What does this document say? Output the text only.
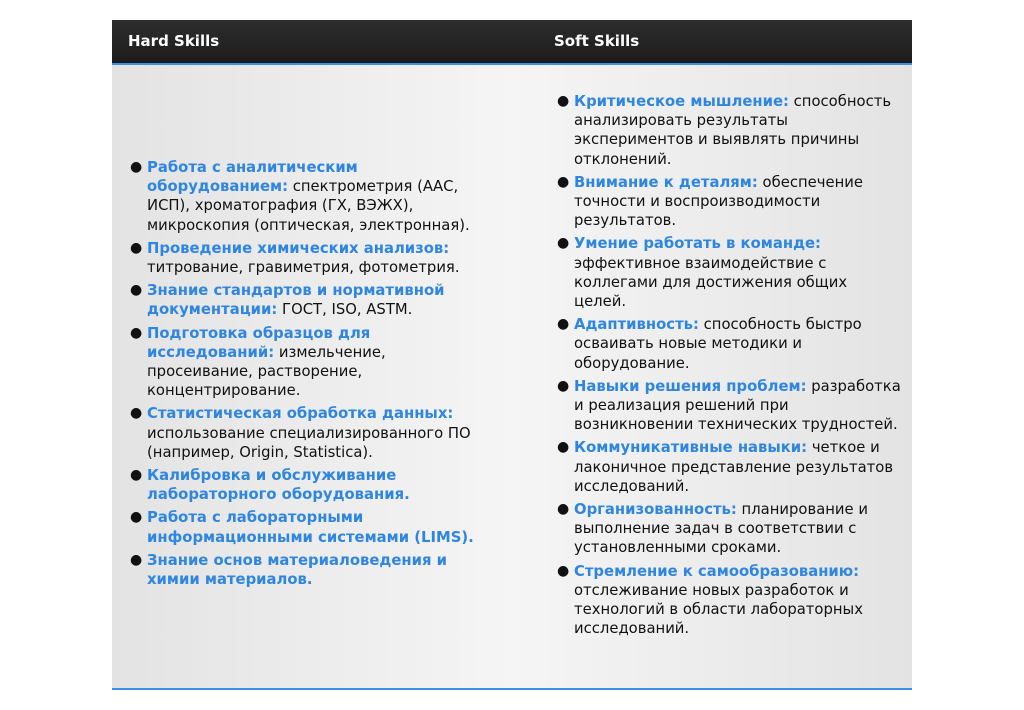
Hard Skills	Soft Skills
● Работа с аналитическим оборудованием: спектрометрия (ААС, ИСП), хроматография (ГХ, ВЭЖХ), микроскопия (оптическая, электронная).
● Проведение химических анализов: титрование, гравиметрия, фотометрия.
● Знание стандартов и нормативной документации: ГОСТ, ISO, ASTM.
● Подготовка образцов для исследований: измельчение, просеивание, растворение, концентрирование.
● Статистическая обработка данных: использование специализированного ПО (например, Origin, Statistica).
● Калибровка и обслуживание лабораторного оборудования.
● Работа с лабораторными информационными системами (LIMS).
● Знание основ материаловедения и химии материалов.
● Критическое мышление: способность анализировать результаты экспериментов и выявлять причины отклонений.
● Внимание к деталям: обеспечение точности и воспроизводимости результатов.
● Умение работать в команде: эффективное взаимодействие с коллегами для достижения общих целей.
● Адаптивность: способность быстро осваивать новые методики и оборудование.
● Навыки решения проблем: разработка и реализация решений при возникновении технических трудностей.
● Коммуникативные навыки: четкое и лаконичное представление результатов исследований.
● Организованность: планирование и выполнение задач в соответствии с установленными сроками.
● Стремление к самообразованию: отслеживание новых разработок и технологий в области лабораторных исследований.
